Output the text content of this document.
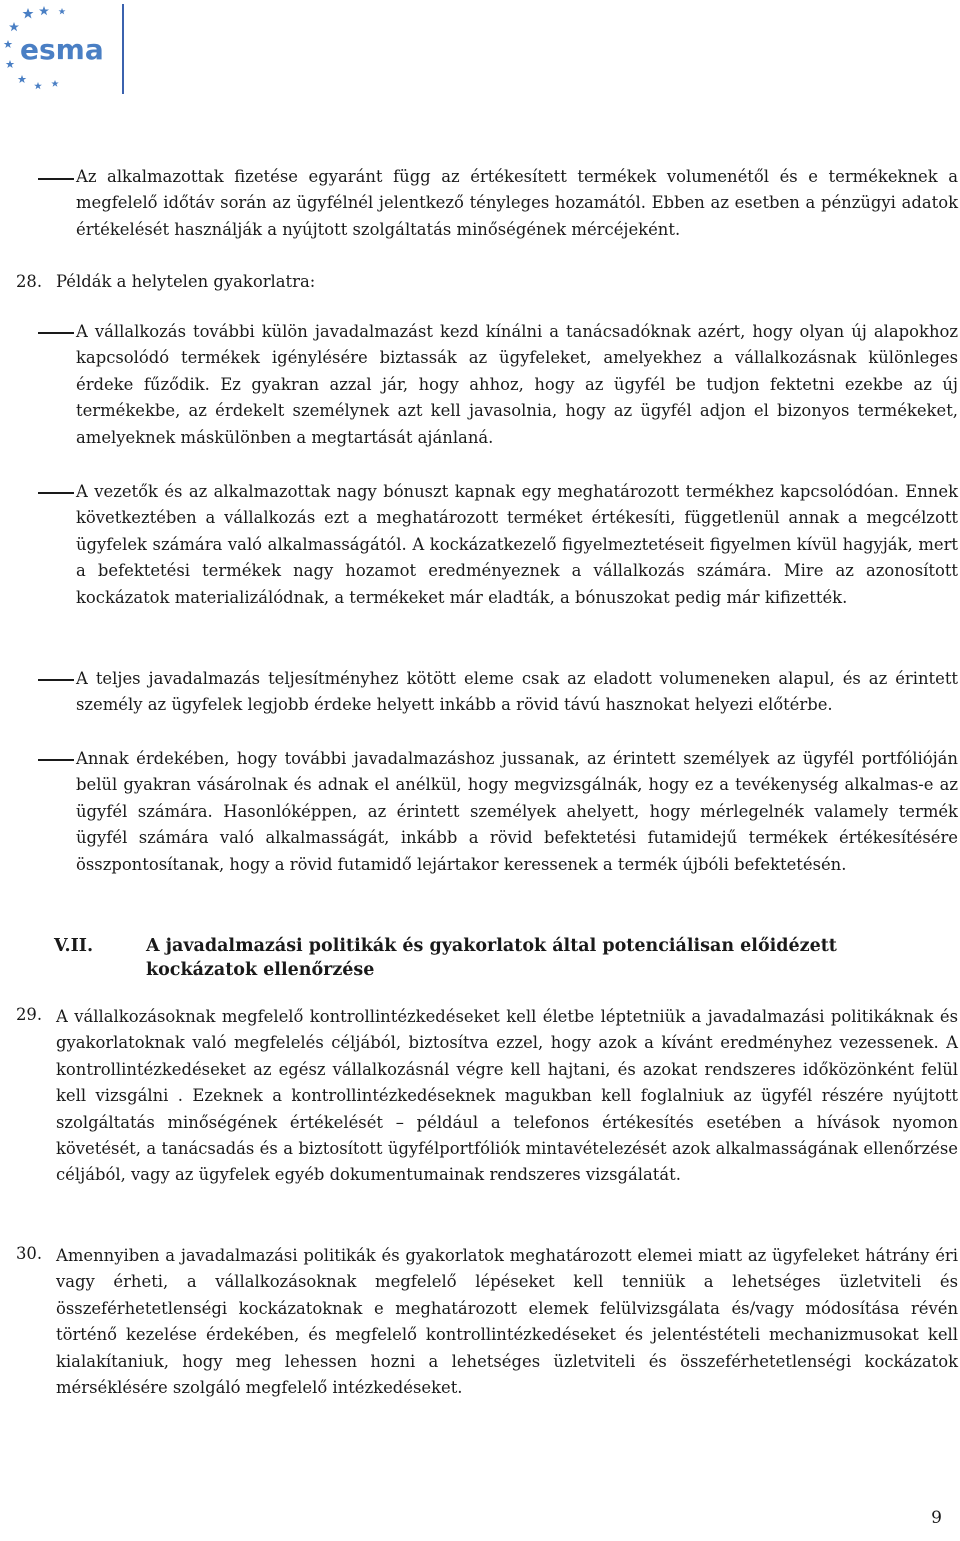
esma
Az alkalmazottak fizetése egyaránt függ az értékesített termékek volumenétől és e termékeknek a megfelelő időtáv során az ügyfélnél jelentkező tényleges hozamától. Ebben az esetben a pénzügyi adatok értékelését használják a nyújtott szolgáltatás minőségének mércéjeként.
28. Példák a helytelen gyakorlatra:
A vállalkozás további külön javadalmazást kezd kínálni a tanácsadóknak azért, hogy olyan új alapokhoz kapcsolódó termékek igénylésére biztassák az ügyfeleket, amelyekhez a vállalkozásnak különleges érdeke fűződik. Ez gyakran azzal jár, hogy ahhoz, hogy az ügyfél be tudjon fektetni ezekbe az új termékekbe, az érdekelt személynek azt kell javasolnia, hogy az ügyfél adjon el bizonyos termékeket, amelyeknek máskülönben a megtartását ajánlaná.
A vezetők és az alkalmazottak nagy bónuszt kapnak egy meghatározott termékhez kapcsolódóan. Ennek következtében a vállalkozás ezt a meghatározott terméket értékesíti, függetlenül annak a megcélzott ügyfelek számára való alkalmasságától. A kockázatkezelő figyelmeztetéseit figyelmen kívül hagyják, mert a befektetési termékek nagy hozamot eredményeznek a vállalkozás számára. Mire az azonosított kockázatok materializálódnak, a termékeket már eladták, a bónuszokat pedig már kifizették.
A teljes javadalmazás teljesítményhez kötött eleme csak az eladott volumeneken alapul, és az érintett személy az ügyfelek legjobb érdeke helyett inkább a rövid távú hasznokat helyezi előtérbe.
Annak érdekében, hogy további javadalmazáshoz jussanak, az érintett személyek az ügyfél portfólióján belül gyakran vásárolnak és adnak el anélkül, hogy megvizsgálnák, hogy ez a tevékenység alkalmas-e az ügyfél számára. Hasonlóképpen, az érintett személyek ahelyett, hogy mérlegelnék valamely termék ügyfél számára való alkalmasságát, inkább a rövid befektetési futamidejű termékek értékesítésére összpontosítanak, hogy a rövid futamidő lejártakor keressenek a termék újbóli befektetésén.
V.II.	A javadalmazási politikák és gyakorlatok által potenciálisan előidézett kockázatok ellenőrzése
29. A vállalkozásoknak megfelelő kontrollintézkedéseket kell életbe léptetniük a javadalmazási politikáknak és gyakorlatoknak való megfelelés céljából, biztosítva ezzel, hogy azok a kívánt eredményhez vezessenek. A kontrollintézkedéseket az egész vállalkozásnál végre kell hajtani, és azokat rendszeres időközönként felül kell vizsgálni . Ezeknek a kontrollintézkedéseknek magukban kell foglalniuk az ügyfél részére nyújtott szolgáltatás minőségének értékelését – például a telefonos értékesítés esetében a hívások nyomon követését, a tanácsadás és a biztosított ügyfélportfóliók mintavételezését azok alkalmasságának ellenőrzése céljából, vagy az ügyfelek egyéb dokumentumainak rendszeres vizsgálatát.
30. Amennyiben a javadalmazási politikák és gyakorlatok meghatározott elemei miatt az ügyfeleket hátrány éri vagy érheti, a vállalkozásoknak megfelelő lépéseket kell tenniük a lehetséges üzletviteli és összeférhetetlenségi kockázatoknak e meghatározott elemek felülvizsgálata és/vagy módosítása révén történő kezelése érdekében, és megfelelő kontrollintézkedéseket és jelentéstételi mechanizmusokat kell kialakítaniuk, hogy meg lehessen hozni a lehetséges üzletviteli és összeférhetetlenségi kockázatok mérséklésére szolgáló megfelelő intézkedéseket.
9
